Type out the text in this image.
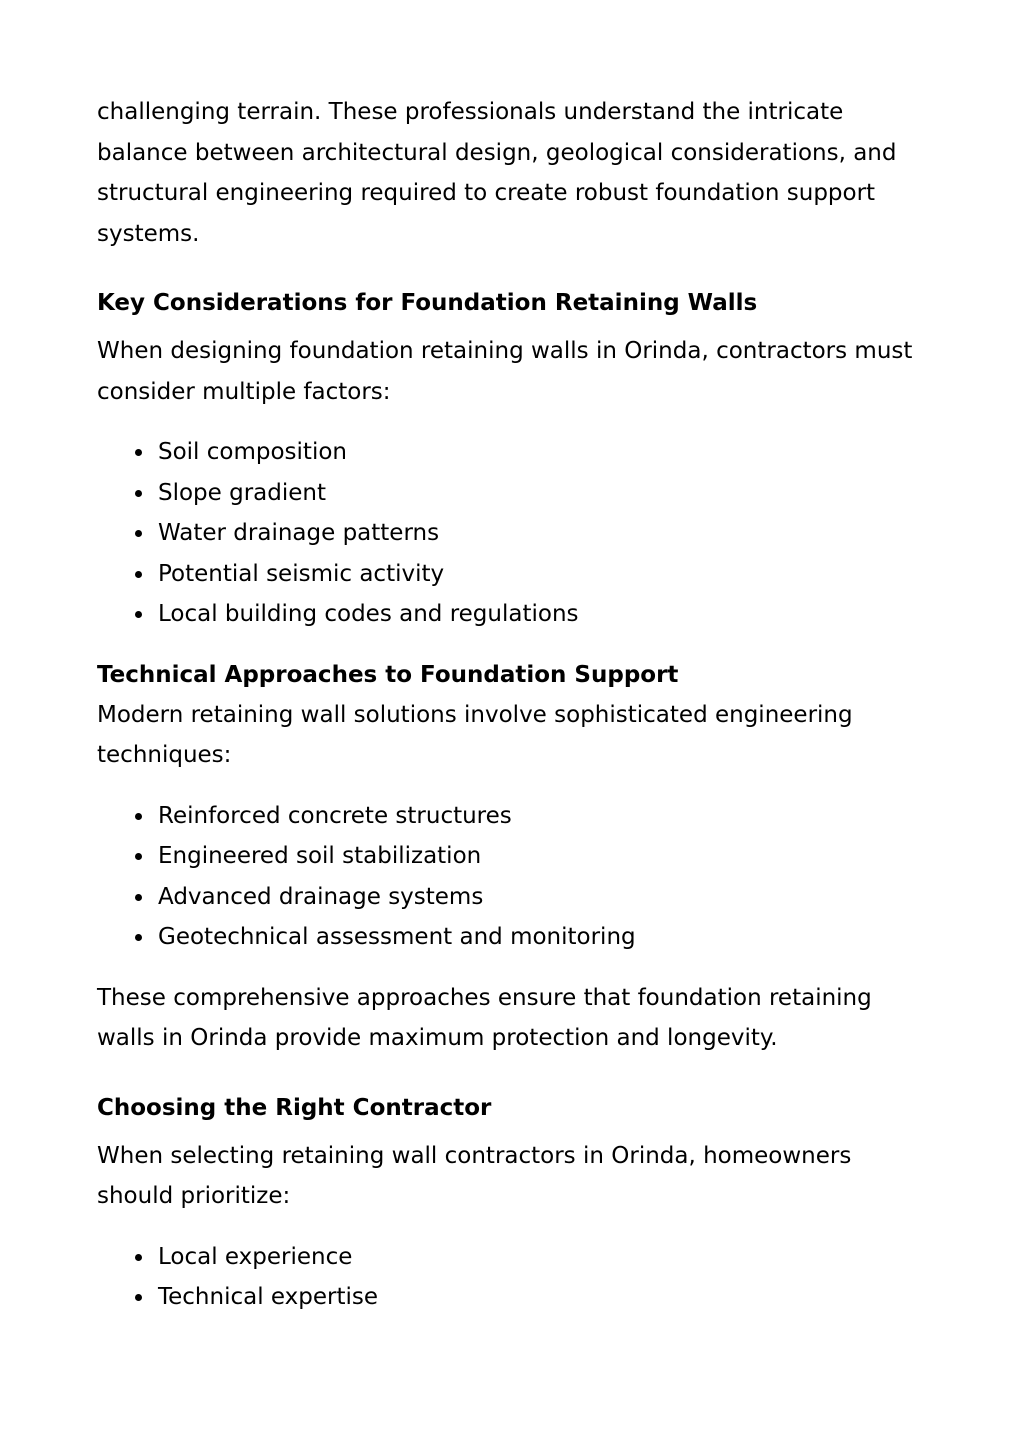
challenging terrain. These professionals understand the intricate balance between architectural design, geological considerations, and structural engineering required to create robust foundation support systems.

Key Considerations for Foundation Retaining Walls

When designing foundation retaining walls in Orinda, contractors must consider multiple factors:

Soil composition
Slope gradient
Water drainage patterns
Potential seismic activity
Local building codes and regulations
Technical Approaches to Foundation Support

Modern retaining wall solutions involve sophisticated engineering techniques:

Reinforced concrete structures
Engineered soil stabilization
Advanced drainage systems
Geotechnical assessment and monitoring

These comprehensive approaches ensure that foundation retaining walls in Orinda provide maximum protection and longevity.

Choosing the Right Contractor

When selecting retaining wall contractors in Orinda, homeowners should prioritize:

Local experience
Technical expertise
